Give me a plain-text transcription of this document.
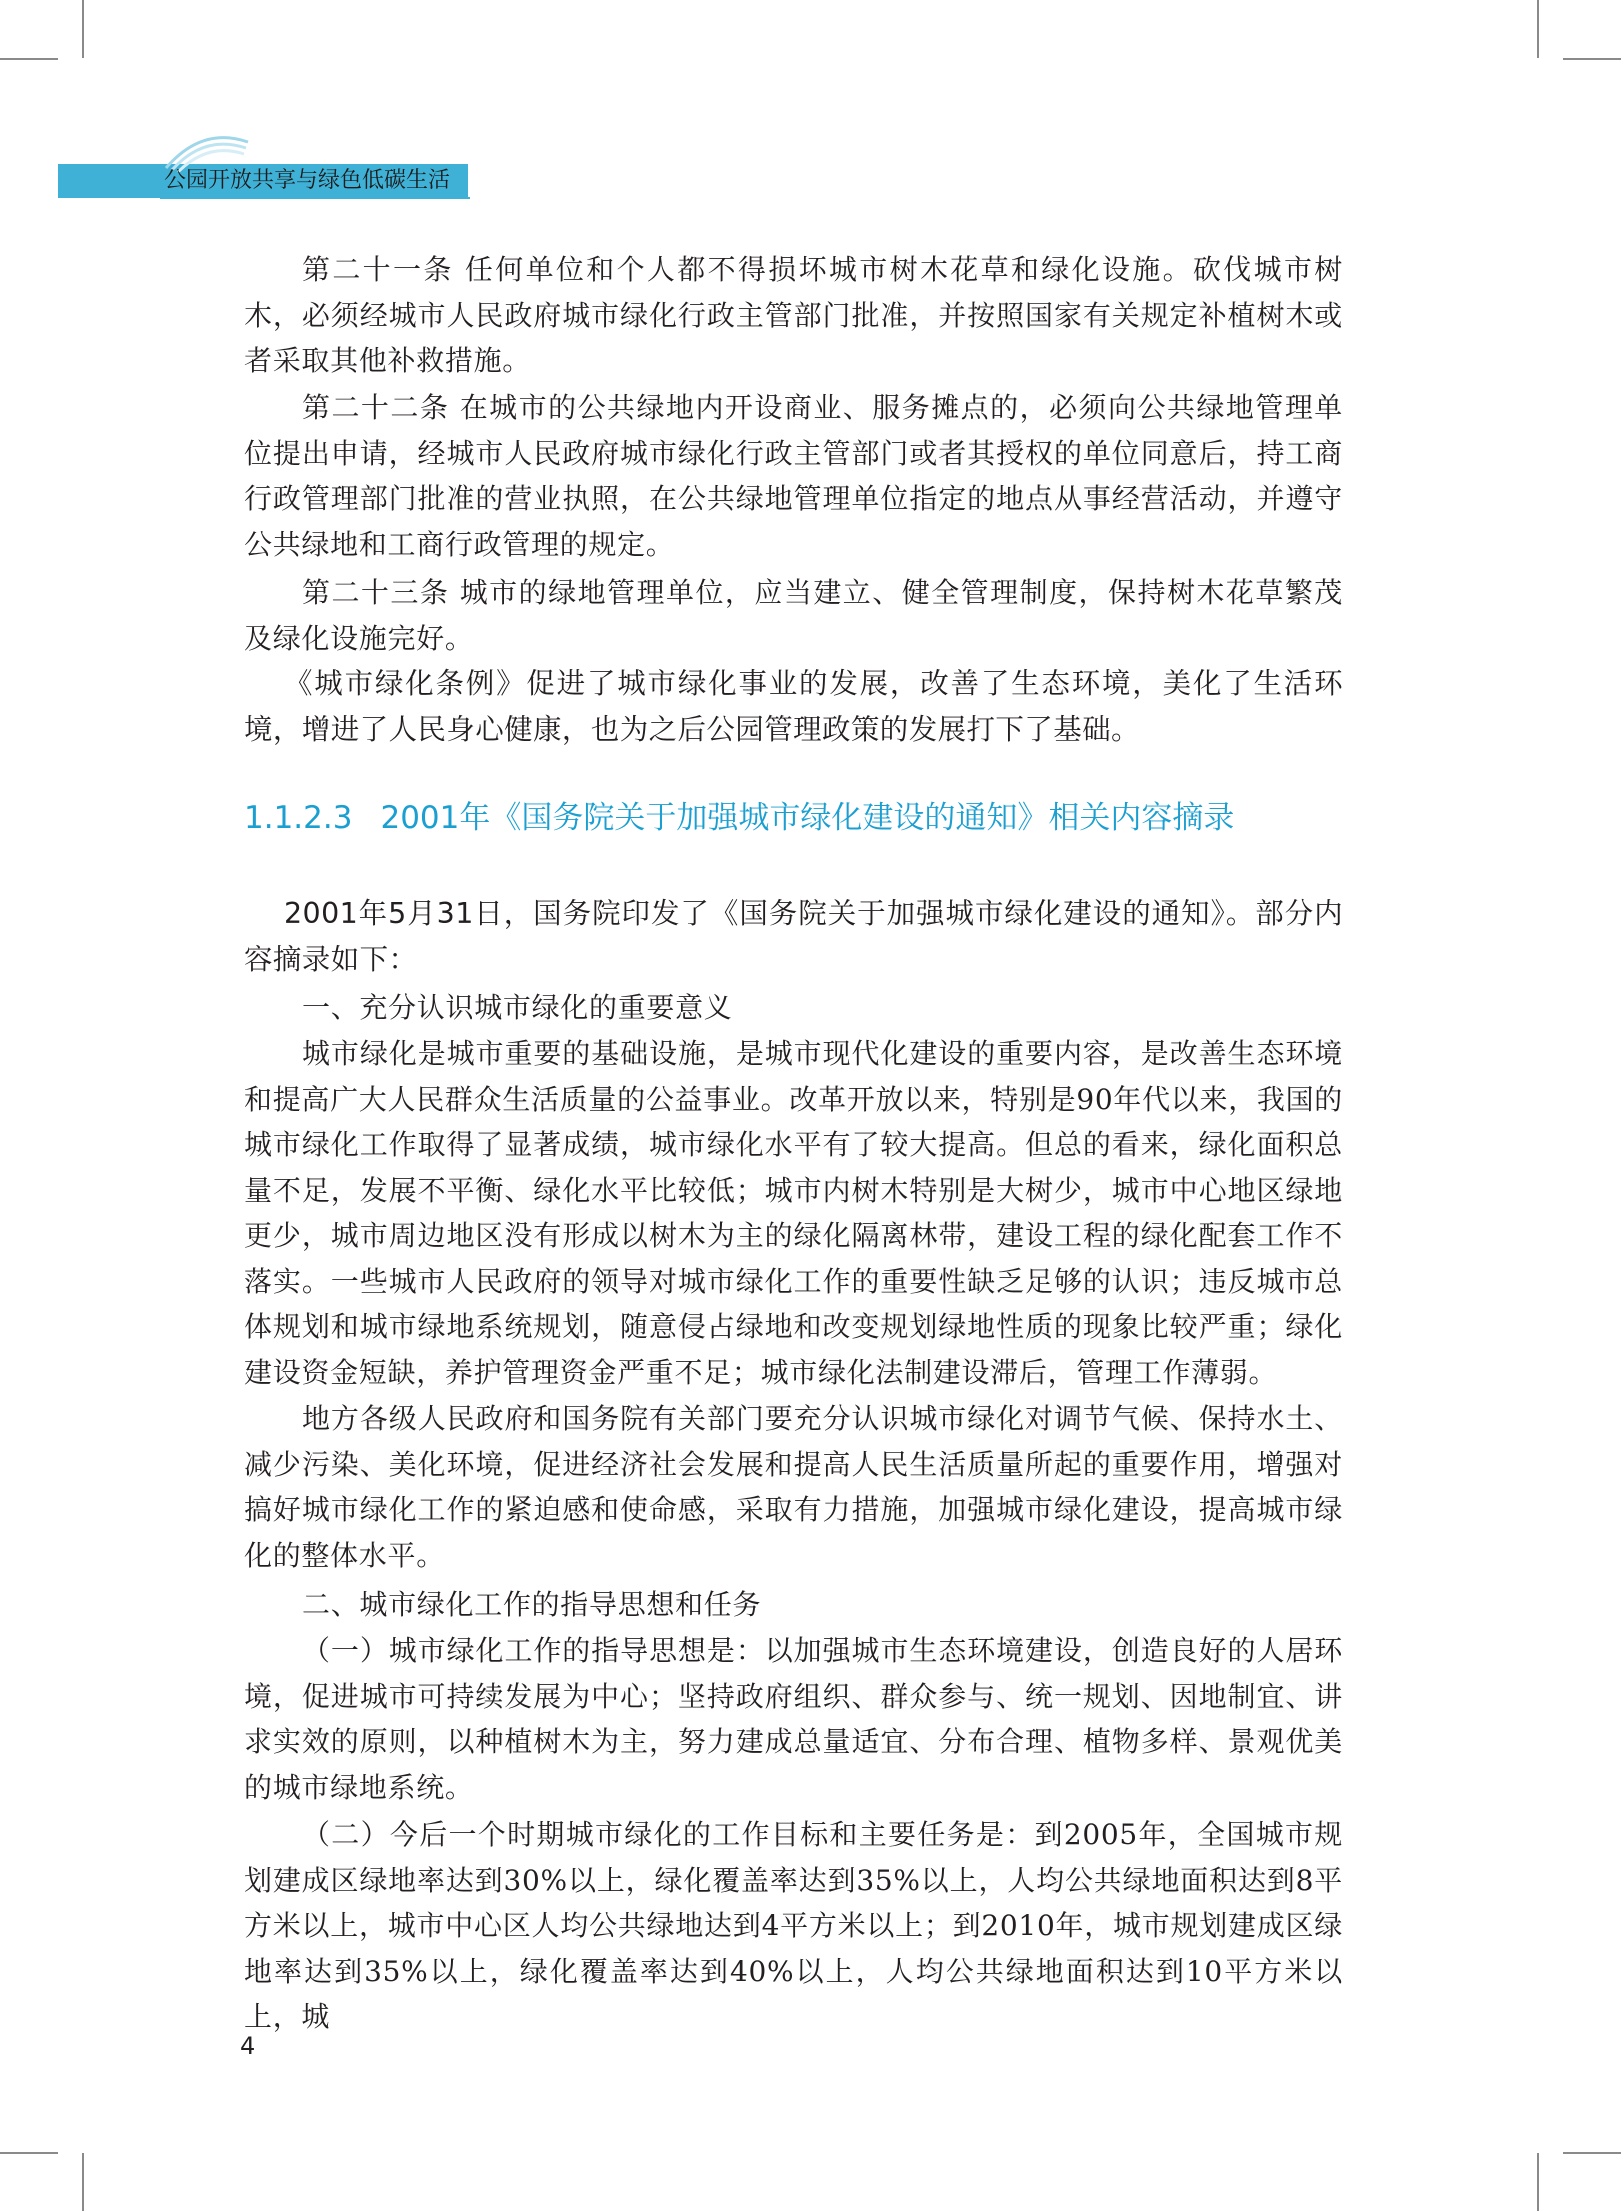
公园开放共享与绿色低碳生活

第二十一条 任何单位和个人都不得损坏城市树木花草和绿化设施。砍伐城市树木，必须经城市人民政府城市绿化行政主管部门批准，并按照国家有关规定补植树木或者采取其他补救措施。

第二十二条 在城市的公共绿地内开设商业、服务摊点的，必须向公共绿地管理单位提出申请，经城市人民政府城市绿化行政主管部门或者其授权的单位同意后，持工商行政管理部门批准的营业执照，在公共绿地管理单位指定的地点从事经营活动，并遵守公共绿地和工商行政管理的规定。

第二十三条 城市的绿地管理单位，应当建立、健全管理制度，保持树木花草繁茂及绿化设施完好。

《城市绿化条例》促进了城市绿化事业的发展，改善了生态环境，美化了生活环境，增进了人民身心健康，也为之后公园管理政策的发展打下了基础。

1.1.2.3 2001年《国务院关于加强城市绿化建设的通知》相关内容摘录

2001年5月31日，国务院印发了《国务院关于加强城市绿化建设的通知》。部分内容摘录如下：

一、充分认识城市绿化的重要意义

城市绿化是城市重要的基础设施，是城市现代化建设的重要内容，是改善生态环境和提高广大人民群众生活质量的公益事业。改革开放以来，特别是90年代以来，我国的城市绿化工作取得了显著成绩，城市绿化水平有了较大提高。但总的看来，绿化面积总量不足，发展不平衡、绿化水平比较低；城市内树木特别是大树少，城市中心地区绿地更少，城市周边地区没有形成以树木为主的绿化隔离林带，建设工程的绿化配套工作不落实。一些城市人民政府的领导对城市绿化工作的重要性缺乏足够的认识；违反城市总体规划和城市绿地系统规划，随意侵占绿地和改变规划绿地性质的现象比较严重；绿化建设资金短缺，养护管理资金严重不足；城市绿化法制建设滞后，管理工作薄弱。

地方各级人民政府和国务院有关部门要充分认识城市绿化对调节气候、保持水土、减少污染、美化环境，促进经济社会发展和提高人民生活质量所起的重要作用，增强对搞好城市绿化工作的紧迫感和使命感，采取有力措施，加强城市绿化建设，提高城市绿化的整体水平。

二、城市绿化工作的指导思想和任务

（一）城市绿化工作的指导思想是：以加强城市生态环境建设，创造良好的人居环境，促进城市可持续发展为中心；坚持政府组织、群众参与、统一规划、因地制宜、讲求实效的原则，以种植树木为主，努力建成总量适宜、分布合理、植物多样、景观优美的城市绿地系统。

（二）今后一个时期城市绿化的工作目标和主要任务是：到2005年，全国城市规划建成区绿地率达到30%以上，绿化覆盖率达到35%以上，人均公共绿地面积达到8平方米以上，城市中心区人均公共绿地达到4平方米以上；到2010年，城市规划建成区绿地率达到35%以上，绿化覆盖率达到40%以上，人均公共绿地面积达到10平方米以上，城

4
